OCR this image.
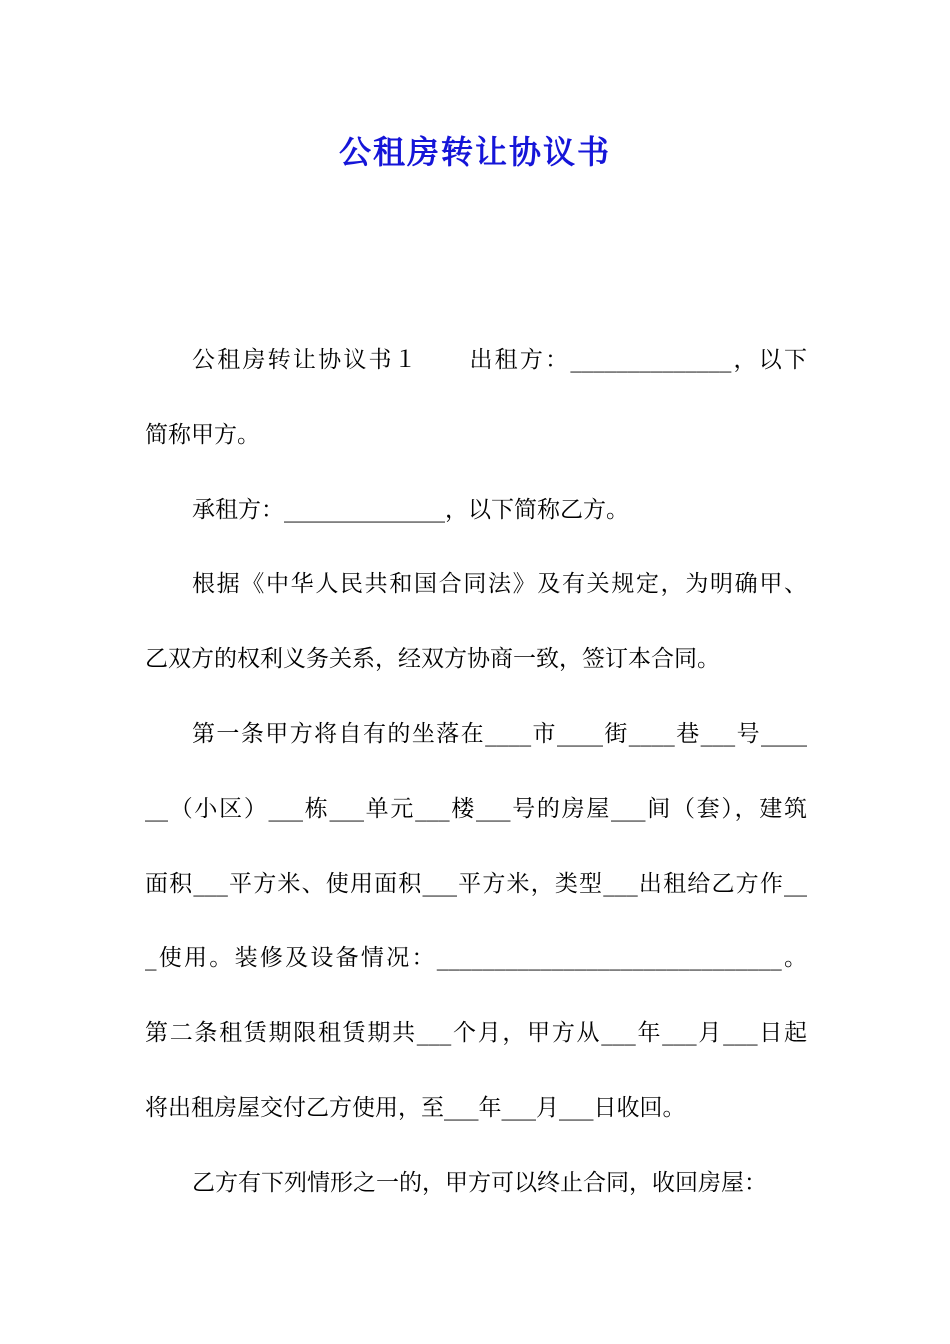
公租房转让协议书
公租房转让协议书１　　出租方：______________，以下
简称甲方。
承租方：______________，以下简称乙方。
根据《中华人民共和国合同法》及有关规定，为明确甲、
乙双方的权利义务关系，经双方协商一致，签订本合同。
第一条甲方将自有的坐落在____市____街____巷___号____
__（小区）___栋___单元___楼___号的房屋___间（套），建筑
面积___平方米、使用面积___平方米，类型___出租给乙方作__
_使用。装修及设备情况：______________________________。
第二条租赁期限租赁期共___个月，甲方从___年___月___日起
将出租房屋交付乙方使用，至___年___月___日收回。
乙方有下列情形之一的，甲方可以终止合同，收回房屋：
